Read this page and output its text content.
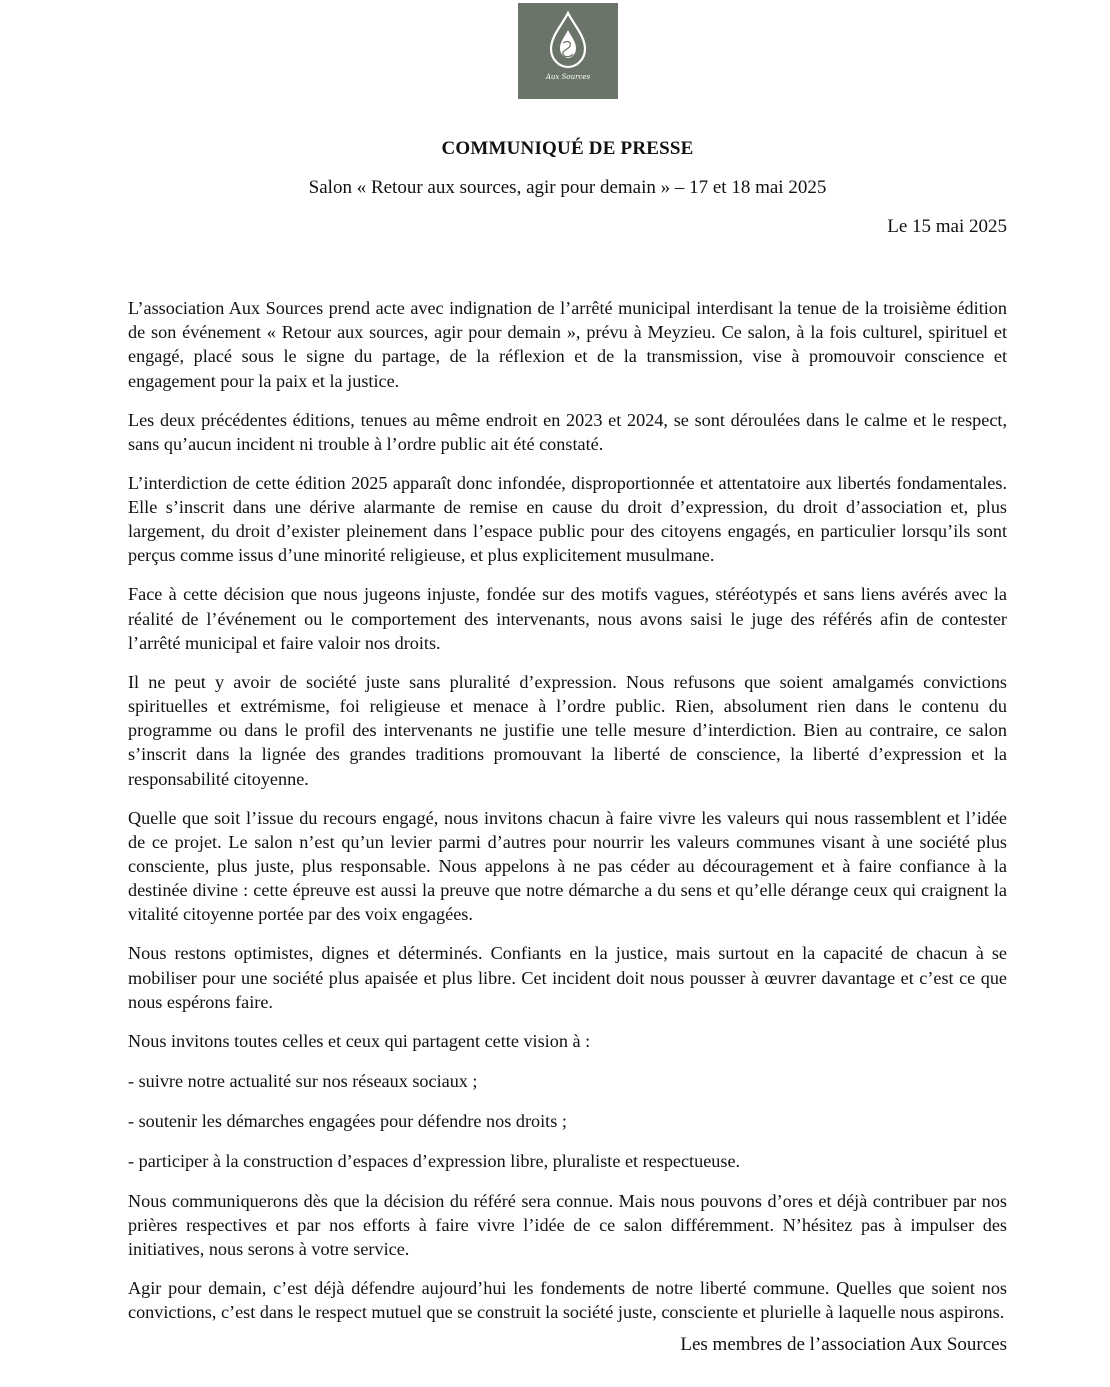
Aux Sources
COMMUNIQUÉ DE PRESSE
Salon « Retour aux sources, agir pour demain » – 17 et 18 mai 2025
Le 15 mai 2025

L’association Aux Sources prend acte avec indignation de l’arrêté municipal interdisant la tenue de la troisième édition de son événement « Retour aux sources, agir pour demain », prévu à Meyzieu. Ce salon, à la fois culturel, spirituel et engagé, placé sous le signe du partage, de la réflexion et de la transmission, vise à promouvoir conscience et engagement pour la paix et la justice.

Les deux précédentes éditions, tenues au même endroit en 2023 et 2024, se sont déroulées dans le calme et le respect, sans qu’aucun incident ni trouble à l’ordre public ait été constaté.

L’interdiction de cette édition 2025 apparaît donc infondée, disproportionnée et attentatoire aux libertés fondamentales. Elle s’inscrit dans une dérive alarmante de remise en cause du droit d’expression, du droit d’association et, plus largement, du droit d’exister pleinement dans l’espace public pour des citoyens engagés, en particulier lorsqu’ils sont perçus comme issus d’une minorité religieuse, et plus explicitement musulmane.

Face à cette décision que nous jugeons injuste, fondée sur des motifs vagues, stéréotypés et sans liens avérés avec la réalité de l’événement ou le comportement des intervenants, nous avons saisi le juge des référés afin de contester l’arrêté municipal et faire valoir nos droits.

Il ne peut y avoir de société juste sans pluralité d’expression. Nous refusons que soient amalgamés convictions spirituelles et extrémisme, foi religieuse et menace à l’ordre public. Rien, absolument rien dans le contenu du programme ou dans le profil des intervenants ne justifie une telle mesure d’interdiction. Bien au contraire, ce salon s’inscrit dans la lignée des grandes traditions promouvant la liberté de conscience, la liberté d’expression et la responsabilité citoyenne.

Quelle que soit l’issue du recours engagé, nous invitons chacun à faire vivre les valeurs qui nous rassemblent et l’idée de ce projet. Le salon n’est qu’un levier parmi d’autres pour nourrir les valeurs communes visant à une société plus consciente, plus juste, plus responsable. Nous appelons à ne pas céder au découragement et à faire confiance à la destinée divine : cette épreuve est aussi la preuve que notre démarche a du sens et qu’elle dérange ceux qui craignent la vitalité citoyenne portée par des voix engagées.

Nous restons optimistes, dignes et déterminés. Confiants en la justice, mais surtout en la capacité de chacun à se mobiliser pour une société plus apaisée et plus libre. Cet incident doit nous pousser à œuvrer davantage et c’est ce que nous espérons faire.

Nous invitons toutes celles et ceux qui partagent cette vision à :

- suivre notre actualité sur nos réseaux sociaux ;

- soutenir les démarches engagées pour défendre nos droits ;

- participer à la construction d’espaces d’expression libre, pluraliste et respectueuse.

Nous communiquerons dès que la décision du référé sera connue. Mais nous pouvons d’ores et déjà contribuer par nos prières respectives et par nos efforts à faire vivre l’idée de ce salon différemment. N’hésitez pas à impulser des initiatives, nous serons à votre service.

Agir pour demain, c’est déjà défendre aujourd’hui les fondements de notre liberté commune. Quelles que soient nos convictions, c’est dans le respect mutuel que se construit la société juste, consciente et plurielle à laquelle nous aspirons.

Les membres de l’association Aux Sources
